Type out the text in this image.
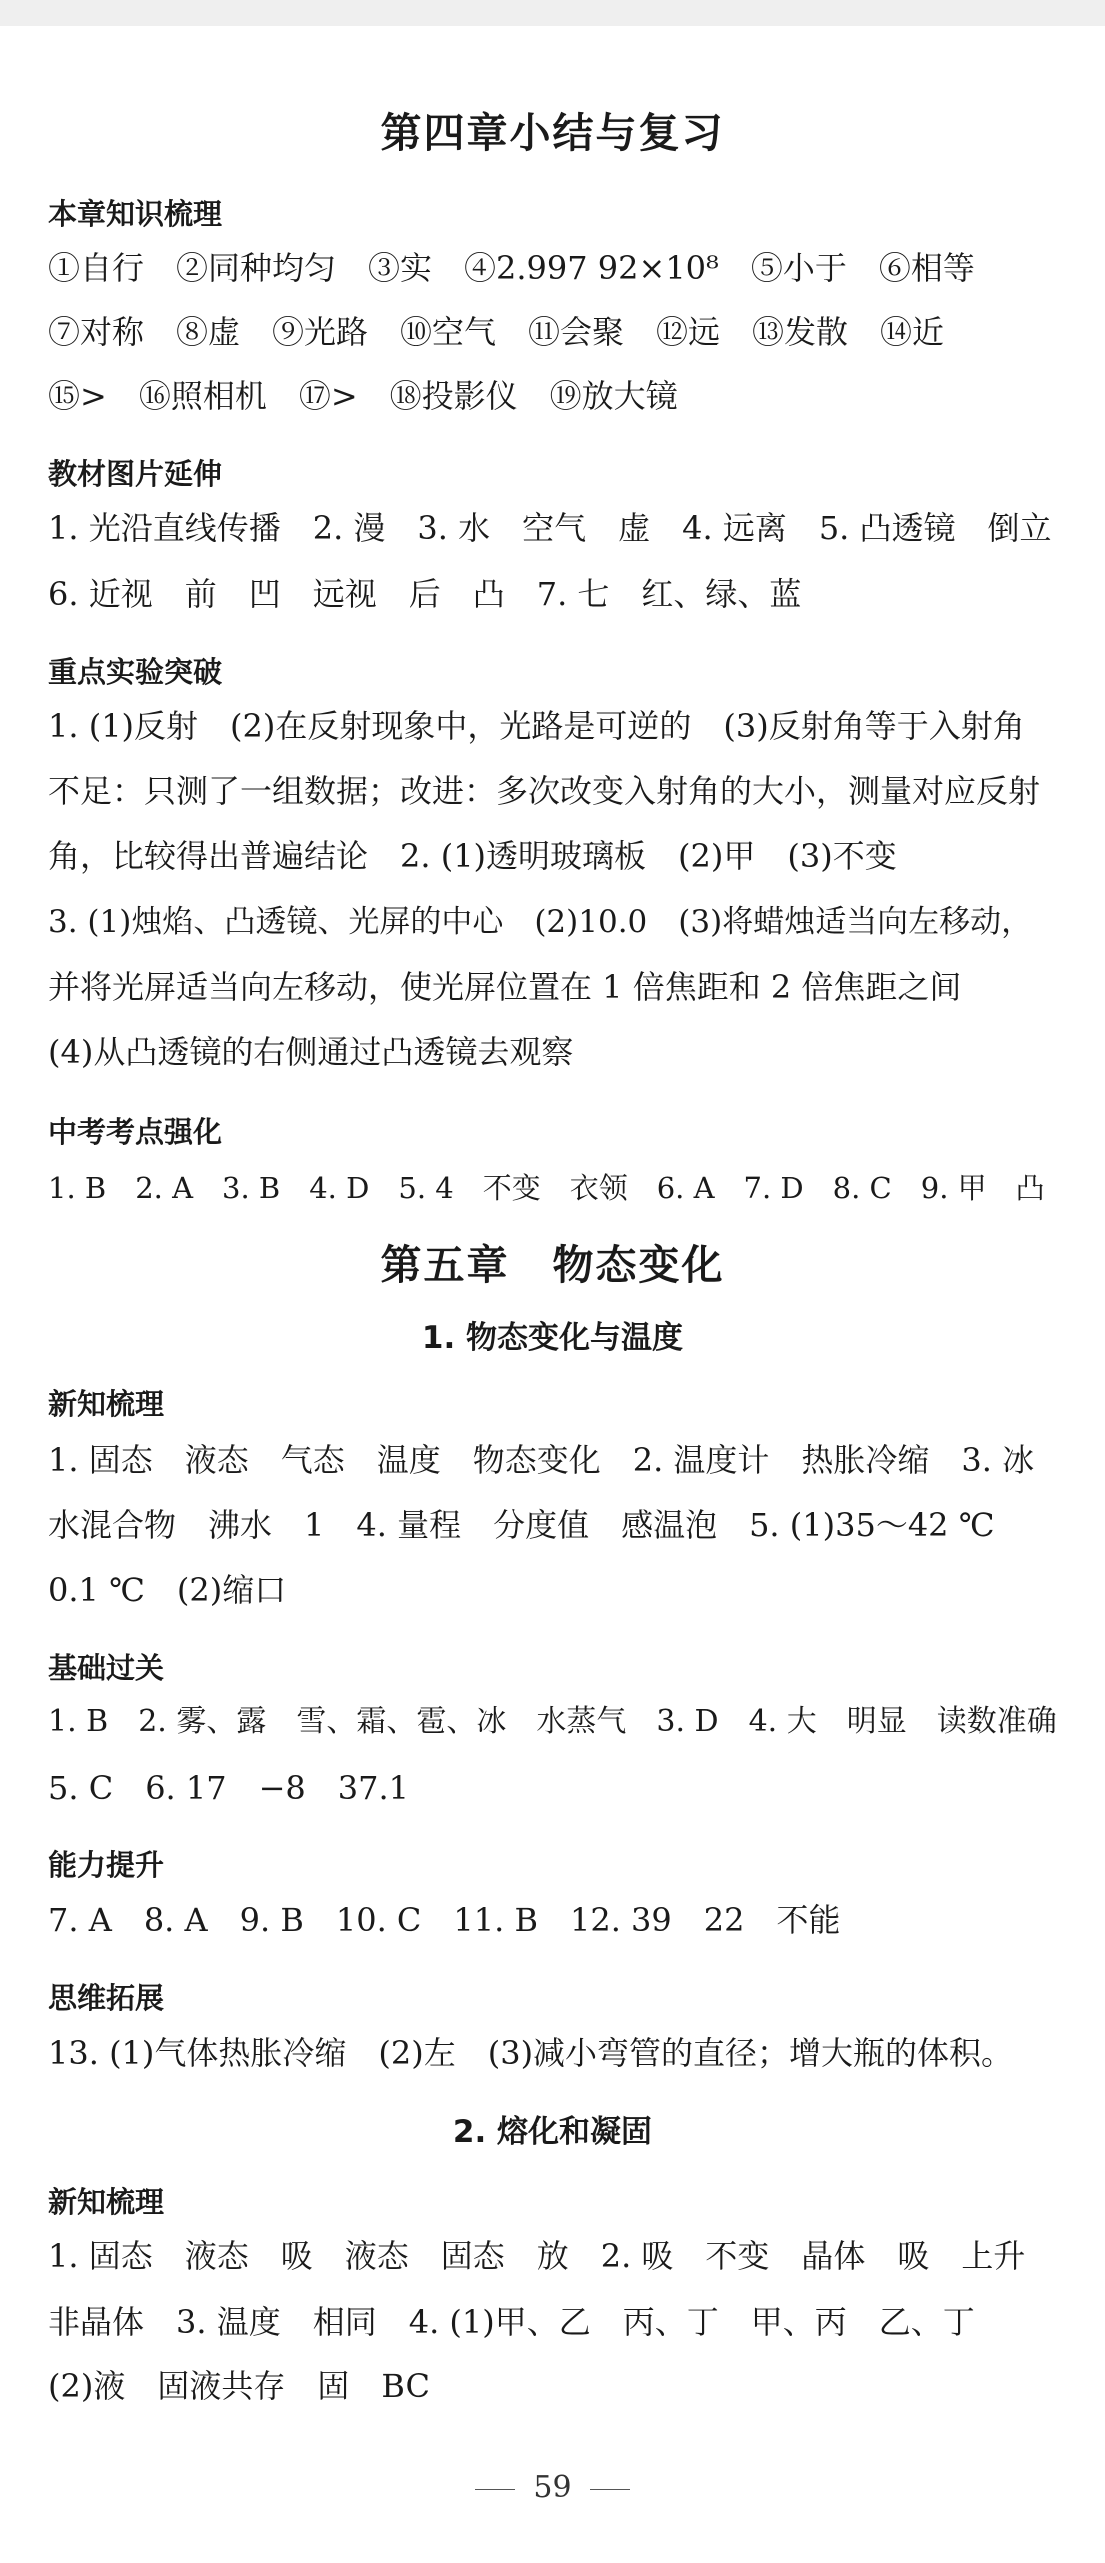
第四章小结与复习
本章知识梳理
①自行　②同种均匀　③实　④2.997 92×10⁸　⑤小于　⑥相等
⑦对称　⑧虚　⑨光路　⑩空气　⑪会聚　⑫远　⑬发散　⑭近
⑮>　⑯照相机　⑰>　⑱投影仪　⑲放大镜
教材图片延伸
1. 光沿直线传播　2. 漫　3. 水　空气　虚　4. 远离　5. 凸透镜　倒立
6. 近视　前　凹　远视　后　凸　7. 七　红、绿、蓝
重点实验突破
1. (1)反射　(2)在反射现象中，光路是可逆的　(3)反射角等于入射角
不足：只测了一组数据；改进：多次改变入射角的大小，测量对应反射
角，比较得出普遍结论　2. (1)透明玻璃板　(2)甲　(3)不变
3. (1)烛焰、凸透镜、光屏的中心　(2)10.0　(3)将蜡烛适当向左移动，
并将光屏适当向左移动，使光屏位置在 1 倍焦距和 2 倍焦距之间
(4)从凸透镜的右侧通过凸透镜去观察
中考考点强化
1. B　2. A　3. B　4. D　5. 4　不变　衣领　6. A　7. D　8. C　9. 甲　凸
第五章　物态变化
1. 物态变化与温度
新知梳理
1. 固态　液态　气态　温度　物态变化　2. 温度计　热胀冷缩　3. 冰
水混合物　沸水　1　4. 量程　分度值　感温泡　5. (1)35～42 ℃
0.1 ℃　(2)缩口
基础过关
1. B　2. 雾、露　雪、霜、雹、冰　水蒸气　3. D　4. 大　明显　读数准确
5. C　6. 17　−8　37.1
能力提升
7. A　8. A　9. B　10. C　11. B　12. 39　22　不能
思维拓展
13. (1)气体热胀冷缩　(2)左　(3)减小弯管的直径；增大瓶的体积。
2. 熔化和凝固
新知梳理
1. 固态　液态　吸　液态　固态　放　2. 吸　不变　晶体　吸　上升
非晶体　3. 温度　相同　4. (1)甲、乙　丙、丁　甲、丙　乙、丁
(2)液　固液共存　固　BC
59
